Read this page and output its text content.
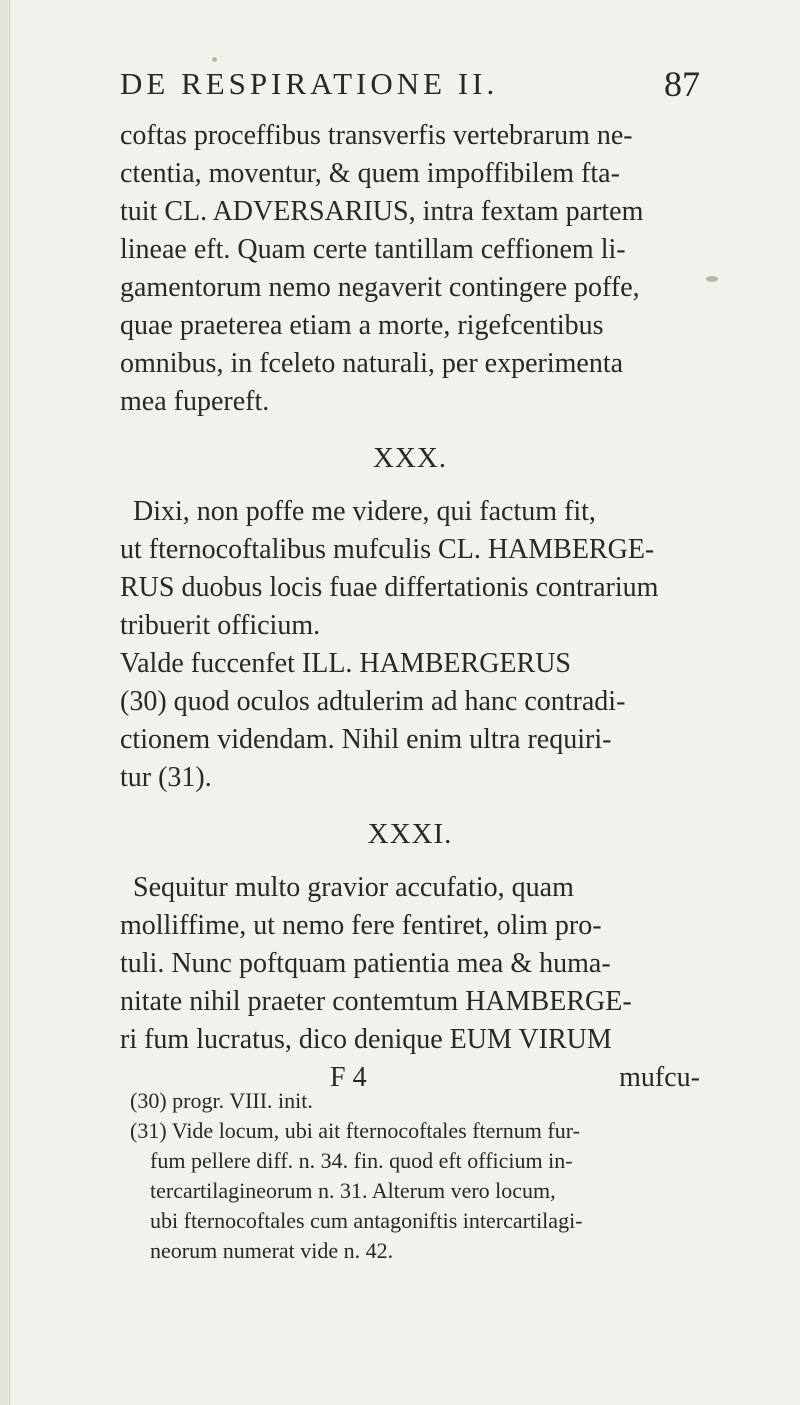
DE RESPIRATIONE II.	87
coftas proceffibus transverfis vertebrarum ne-
ctentia, moventur, & quem impoffibilem fta-
tuit CL. ADVERSARIUS, intra fextam partem
lineae eft. Quam certe tantillam ceffionem li-
gamentorum nemo negaverit contingere poffe,
quae praeterea etiam a morte, rigefcentibus
omnibus, in fceleto naturali, per experimenta
mea fupereft.
XXX.
Dixi, non poffe me videre, qui factum fit,
ut fternocoftalibus mufculis CL. HAMBERGE-
RUS duobus locis fuae differtationis contrarium
tribuerit officium.
Valde fuccenfet ILL. HAMBERGERUS
(30) quod oculos adtulerim ad hanc contradi-
ctionem videndam. Nihil enim ultra requiri-
tur (31).
XXXI.
Sequitur multo gravior accufatio, quam
molliffime, ut nemo fere fentiret, olim pro-
tuli. Nunc poftquam patientia mea & huma-
nitate nihil praeter contemtum HAMBERGE-
ri fum lucratus, dico denique EUM VIRUM
F 4	mufcu-
(30) progr. VIII. init.
(31) Vide locum, ubi ait fternocoftales fternum fur-
fum pellere diff. n. 34. fin. quod eft officium in-
tercartilagineorum n. 31. Alterum vero locum,
ubi fternocoftales cum antagoniftis intercartilagi-
neorum numerat vide n. 42.
